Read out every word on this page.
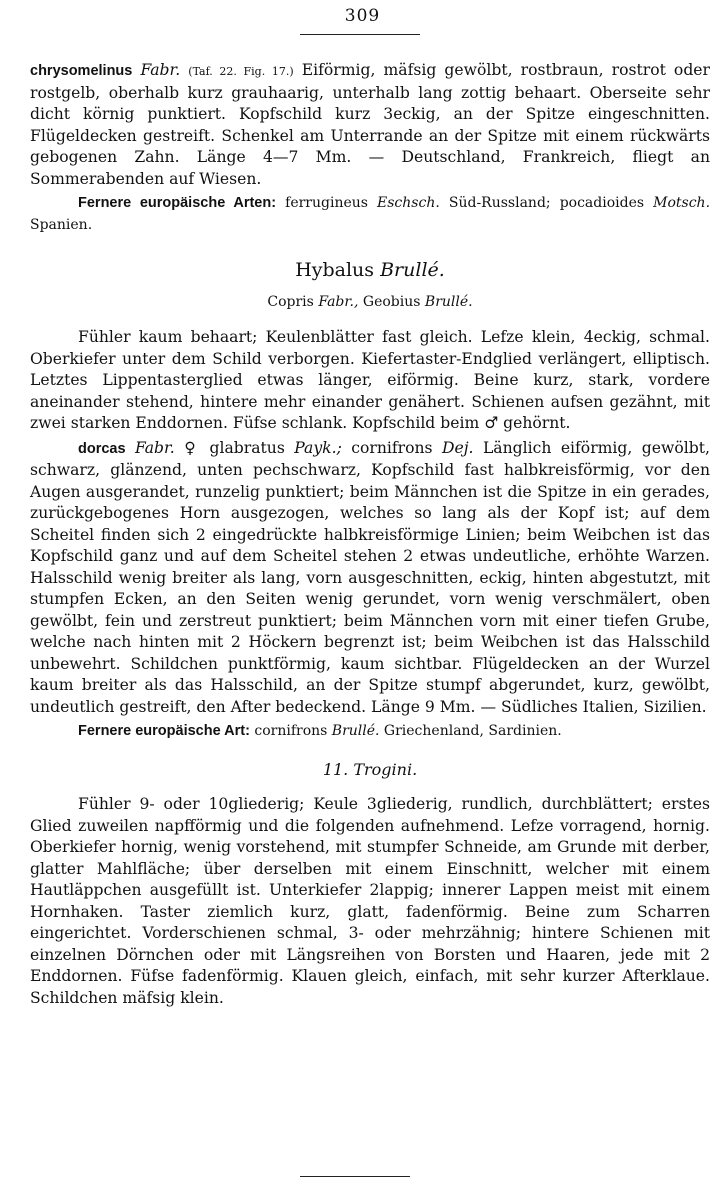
309

chrysomelinus Fabr. (Taf. 22. Fig. 17.) Eiförmig, mäfsig gewölbt, rostbraun, rostrot oder rostgelb, oberhalb kurz grauhaarig, unterhalb lang zottig behaart. Oberseite sehr dicht körnig punktiert. Kopfschild kurz 3eckig, an der Spitze eingeschnitten. Flügeldecken gestreift. Schenkel am Unterrande an der Spitze mit einem rückwärts gebogenen Zahn. Länge 4—7 Mm. — Deutschland, Frankreich, fliegt an Sommerabenden auf Wiesen.

Fernere europäische Arten: ferrugineus Eschsch. Süd-Russland; pocadioides Motsch. Spanien.

Hybalus Brullé.
Copris Fabr., Geobius Brullé.

Fühler kaum behaart; Keulenblätter fast gleich. Lefze klein, 4eckig, schmal. Oberkiefer unter dem Schild verborgen. Kiefertaster-Endglied verlängert, elliptisch. Letztes Lippentasterglied etwas länger, eiförmig. Beine kurz, stark, vordere aneinander stehend, hintere mehr einander genähert. Schienen aufsen gezähnt, mit zwei starken Enddornen. Füfse schlank. Kopfschild beim ♂ gehörnt.

dorcas Fabr. ♀ glabratus Payk.; cornifrons Dej. Länglich eiförmig, gewölbt, schwarz, glänzend, unten pechschwarz, Kopfschild fast halbkreisförmig, vor den Augen ausgerandet, runzelig punktiert; beim Männchen ist die Spitze in ein gerades, zurückgebogenes Horn ausgezogen, welches so lang als der Kopf ist; auf dem Scheitel finden sich 2 eingedrückte halbkreisförmige Linien; beim Weibchen ist das Kopfschild ganz und auf dem Scheitel stehen 2 etwas undeutliche, erhöhte Warzen. Halsschild wenig breiter als lang, vorn ausgeschnitten, eckig, hinten abgestutzt, mit stumpfen Ecken, an den Seiten wenig gerundet, vorn wenig verschmälert, oben gewölbt, fein und zerstreut punktiert; beim Männchen vorn mit einer tiefen Grube, welche nach hinten mit 2 Höckern begrenzt ist; beim Weibchen ist das Halsschild unbewehrt. Schildchen punktförmig, kaum sichtbar. Flügeldecken an der Wurzel kaum breiter als das Halsschild, an der Spitze stumpf abgerundet, kurz, gewölbt, undeutlich gestreift, den After bedeckend. Länge 9 Mm. — Südliches Italien, Sizilien.

Fernere europäische Art: cornifrons Brullé. Griechenland, Sardinien.

11. Trogini.

Fühler 9- oder 10gliederig; Keule 3gliederig, rundlich, durchblättert; erstes Glied zuweilen napfförmig und die folgenden aufnehmend. Lefze vorragend, hornig. Oberkiefer hornig, wenig vorstehend, mit stumpfer Schneide, am Grunde mit derber, glatter Mahlfläche; über derselben mit einem Einschnitt, welcher mit einem Hautläppchen ausgefüllt ist. Unterkiefer 2lappig; innerer Lappen meist mit einem Hornhaken. Taster ziemlich kurz, glatt, fadenförmig. Beine zum Scharren eingerichtet. Vorderschienen schmal, 3- oder mehrzähnig; hintere Schienen mit einzelnen Dörnchen oder mit Längsreihen von Borsten und Haaren, jede mit 2 Enddornen. Füfse fadenförmig. Klauen gleich, einfach, mit sehr kurzer Afterklaue. Schildchen mäfsig klein.
